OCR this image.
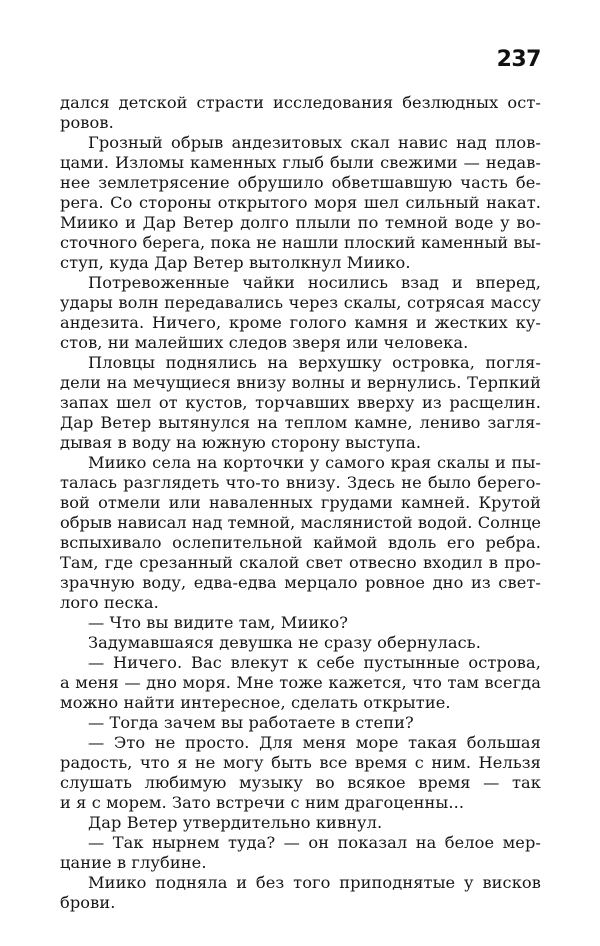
237
дался детской страсти исследования безлюдных ост-
ровов.
Грозный обрыв андезитовых скал навис над плов-
цами. Изломы каменных глыб были свежими — недав-
нее землетрясение обрушило обветшавшую часть бе-
рега. Со стороны открытого моря шел сильный накат.
Миико и Дар Ветер долго плыли по темной воде у во-
сточного берега, пока не нашли плоский каменный вы-
ступ, куда Дар Ветер вытолкнул Миико.
Потревоженные чайки носились взад и вперед,
удары волн передавались через скалы, сотрясая массу
андезита. Ничего, кроме голого камня и жестких ку-
стов, ни малейших следов зверя или человека.
Пловцы поднялись на верхушку островка, погля-
дели на мечущиеся внизу волны и вернулись. Терпкий
запах шел от кустов, торчавших вверху из расщелин.
Дар Ветер вытянулся на теплом камне, лениво загля-
дывая в воду на южную сторону выступа.
Миико села на корточки у самого края скалы и пы-
талась разглядеть что-то внизу. Здесь не было берего-
вой отмели или наваленных грудами камней. Крутой
обрыв нависал над темной, маслянистой водой. Солнце
вспыхивало ослепительной каймой вдоль его ребра.
Там, где срезанный скалой свет отвесно входил в про-
зрачную воду, едва-едва мерцало ровное дно из свет-
лого песка.
— Что вы видите там, Миико?
Задумавшаяся девушка не сразу обернулась.
— Ничего. Вас влекут к себе пустынные острова,
а меня — дно моря. Мне тоже кажется, что там всегда
можно найти интересное, сделать открытие.
— Тогда зачем вы работаете в степи?
— Это не просто. Для меня море такая большая
радость, что я не могу быть все время с ним. Нельзя
слушать любимую музыку во всякое время — так
и я с морем. Зато встречи с ним драгоценны...
Дар Ветер утвердительно кивнул.
— Так нырнем туда? — он показал на белое мер-
цание в глубине.
Миико подняла и без того приподнятые у висков
брови.
